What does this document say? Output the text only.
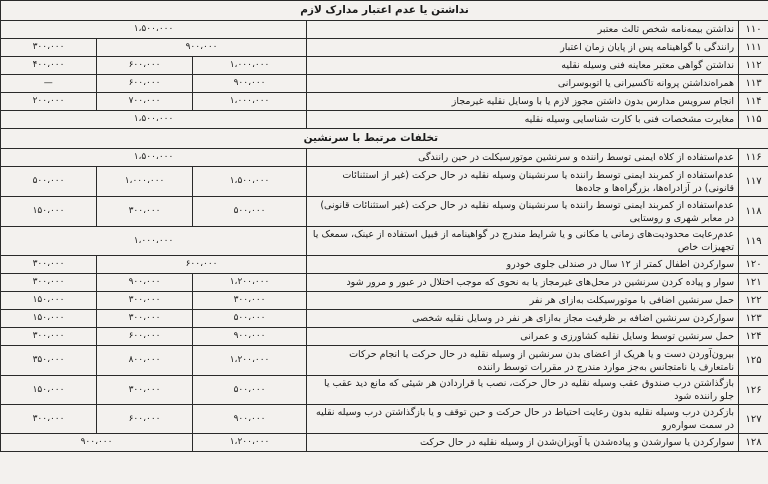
نداشتن یا عدم اعتبار مدارک لازم				
۱۱۰	نداشتن بیمه‌نامه شخص ثالث معتبر	۱،۵۰۰،۰۰۰		
۱۱۱	رانندگی با گواهینامه پس از پایان زمان اعتبار	۹۰۰،۰۰۰		۳۰۰،۰۰۰
۱۱۲	نداشتن گواهی معتبر معاینه فنی وسیله نقلیه	۱،۰۰۰،۰۰۰	۶۰۰،۰۰۰	۴۰۰،۰۰۰
۱۱۳	همراه‌نداشتن پروانه تاکسیرانی یا اتوبوسرانی	۹۰۰،۰۰۰	۶۰۰،۰۰۰	—
۱۱۴	انجام سرویس مدارس بدون داشتن مجوز لازم یا با وسایل نقلیه غیرمجاز	۱،۰۰۰،۰۰۰	۷۰۰،۰۰۰	۲۰۰،۰۰۰
۱۱۵	مغایرت مشخصات فنی با کارت شناسایی وسیله نقلیه	۱،۵۰۰،۰۰۰		
تخلفات مرتبط با سرنشین				
۱۱۶	عدم‌استفاده از کلاه ایمنی توسط راننده و سرنشین موتورسیکلت در حین رانندگی	۱،۵۰۰،۰۰۰		
۱۱۷	عدم‌استفاده از کمربند ایمنی توسط راننده یا سرنشینان وسیله نقلیه در حال حرکت (غیر از استثنائات قانونی) در آزادراه‌ها، بزرگراه‌ها و جاده‌ها	۱،۵۰۰،۰۰۰	۱،۰۰۰،۰۰۰	۵۰۰،۰۰۰
۱۱۸	عدم‌استفاده از کمربند ایمنی توسط راننده یا سرنشینان وسیله نقلیه در حال حرکت (غیر استثنائات قانونی) در معابر شهری و روستایی	۵۰۰،۰۰۰	۳۰۰،۰۰۰	۱۵۰،۰۰۰
۱۱۹	عدم‌رعایت محدودیت‌های زمانی یا مکانی و یا شرایط مندرج در گواهینامه از قبیل استفاده از عینک، سمعک یا تجهیزات خاص	۱،۰۰۰،۰۰۰		
۱۲۰	سوارکردن اطفال کمتر از ۱۲ سال در صندلی جلوی خودرو	۶۰۰،۰۰۰		۳۰۰،۰۰۰
۱۲۱	سوار و پیاده کردن سرنشین در محل‌های غیرمجاز یا به نحوی که موجب اختلال در عبور و مرور شود	۱،۲۰۰،۰۰۰	۹۰۰،۰۰۰	۳۰۰،۰۰۰
۱۲۲	حمل سرنشین اضافی با موتورسیکلت به‌ازای هر نفر	۳۰۰،۰۰۰	۳۰۰،۰۰۰	۱۵۰،۰۰۰
۱۲۳	سوارکردن سرنشین اضافه بر ظرفیت مجاز به‌ازای هر نفر در وسایل نقلیه شخصی	۵۰۰،۰۰۰	۳۰۰،۰۰۰	۱۵۰،۰۰۰
۱۲۴	حمل سرنشین توسط وسایل نقلیه کشاورزی و عمرانی	۹۰۰،۰۰۰	۶۰۰،۰۰۰	۳۰۰،۰۰۰
۱۲۵	بیرون‌آوردن دست و یا هریک از اعضای بدن سرنشین از وسیله نقلیه در حال حرکت یا انجام حرکات نامتعارف یا نامتجانس به‌جز موارد مندرج در مقررات توسط راننده	۱،۲۰۰،۰۰۰	۸۰۰،۰۰۰	۳۵۰،۰۰۰
۱۲۶	بازگذاشتن درب صندوق عقب وسیله نقلیه در حال حرکت، نصب یا قراردادن هر شیئی که مانع دید عقب یا جلو راننده شود	۵۰۰،۰۰۰	۳۰۰،۰۰۰	۱۵۰،۰۰۰
۱۲۷	بازکردن درب وسیله نقلیه بدون رعایت احتیاط در حال حرکت و حین توقف و یا بازگذاشتن درب وسیله نقلیه در سمت سواره‌رو	۹۰۰،۰۰۰	۶۰۰،۰۰۰	۳۰۰،۰۰۰
۱۲۸	سوارکردن یا سوارشدن و پیاده‌شدن یا آویزان‌شدن از وسیله نقلیه در حال حرکت	۱،۲۰۰،۰۰۰	۹۰۰،۰۰۰	
